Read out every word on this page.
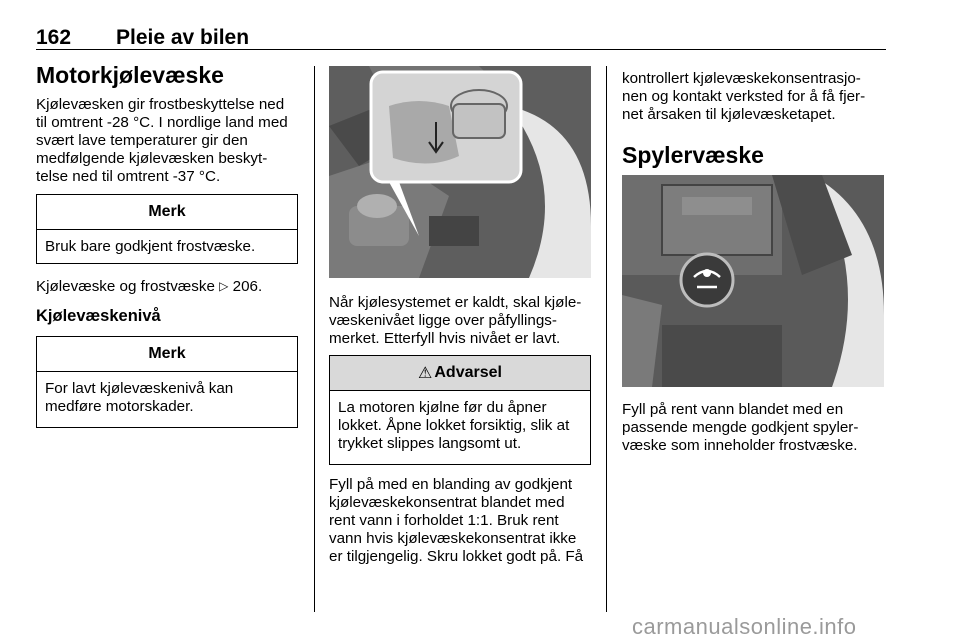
162 Pleie av bilen
Motorkjølevæske

Kjølevæsken gir frostbeskyttelse ned

til omtrent -28 °C. I nordlige land med

svært lave temperaturer gir den

medfølgende kjølevæsken beskyt-

telse ned til omtrent -37 °C.

Merk
Bruk bare godkjent frostvæske.

Kjølevæske og frostvæske ▷ 206.

Kjølevæskenivå
Merk
For lavt kjølevæskenivå kan
medføre motorskader.

Når kjølesystemet er kaldt, skal kjøle-

væskenivået ligge over påfyllings-

merket. Etterfyll hvis nivået er lavt.

⚠ Advarsel
La motoren kjølne før du åpner
lokket. Åpne lokket forsiktig, slik at
trykket slippes langsomt ut.

Fyll på med en blanding av godkjent

kjølevæskekonsentrat blandet med

rent vann i forholdet 1:1. Bruk rent

vann hvis kjølevæskekonsentrat ikke

er tilgjengelig. Skru lokket godt på. Få

kontrollert kjølevæskekonsentrasjo-

nen og kontakt verksted for å få fjer-

net årsaken til kjølevæsketapet.

Spylervæske

Fyll på rent vann blandet med en

passende mengde godkjent spyler-

væske som inneholder frostvæske.

carmanualsonline.info
